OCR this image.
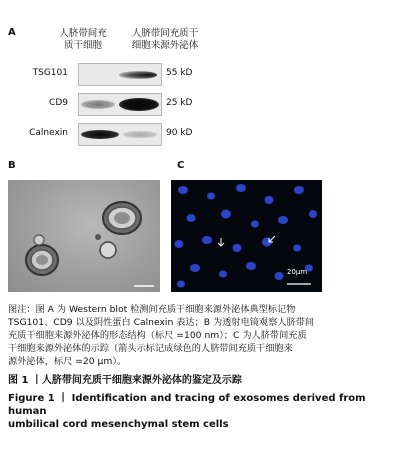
A	人脐带间充
质干细胞
人脐带间充质干
细胞来源外泌体
TSG101	55 kD
CD9	25 kD
Calnexin	90 kD
B	C
20μm
图注：图 A 为 Western blot 检测间充质干细胞来源外泌体典型标记物
TSG101、CD9 以及阴性蛋白 Calnexin 表达；B 为透射电镜观察人脐带间
充质干细胞来源外泌体的形态结构（标尺 =100 nm）；C 为人脐带间充质
干细胞来源外泌体的示踪（箭头示标记成绿色的人脐带间充质干细胞来
源外泌体，标尺 =20 μm）。
图 1 丨人脐带间充质干细胞来源外泌体的鉴定及示踪
Figure 1 丨 Identification and tracing of exosomes derived from human
umbilical cord mesenchymal stem cells
